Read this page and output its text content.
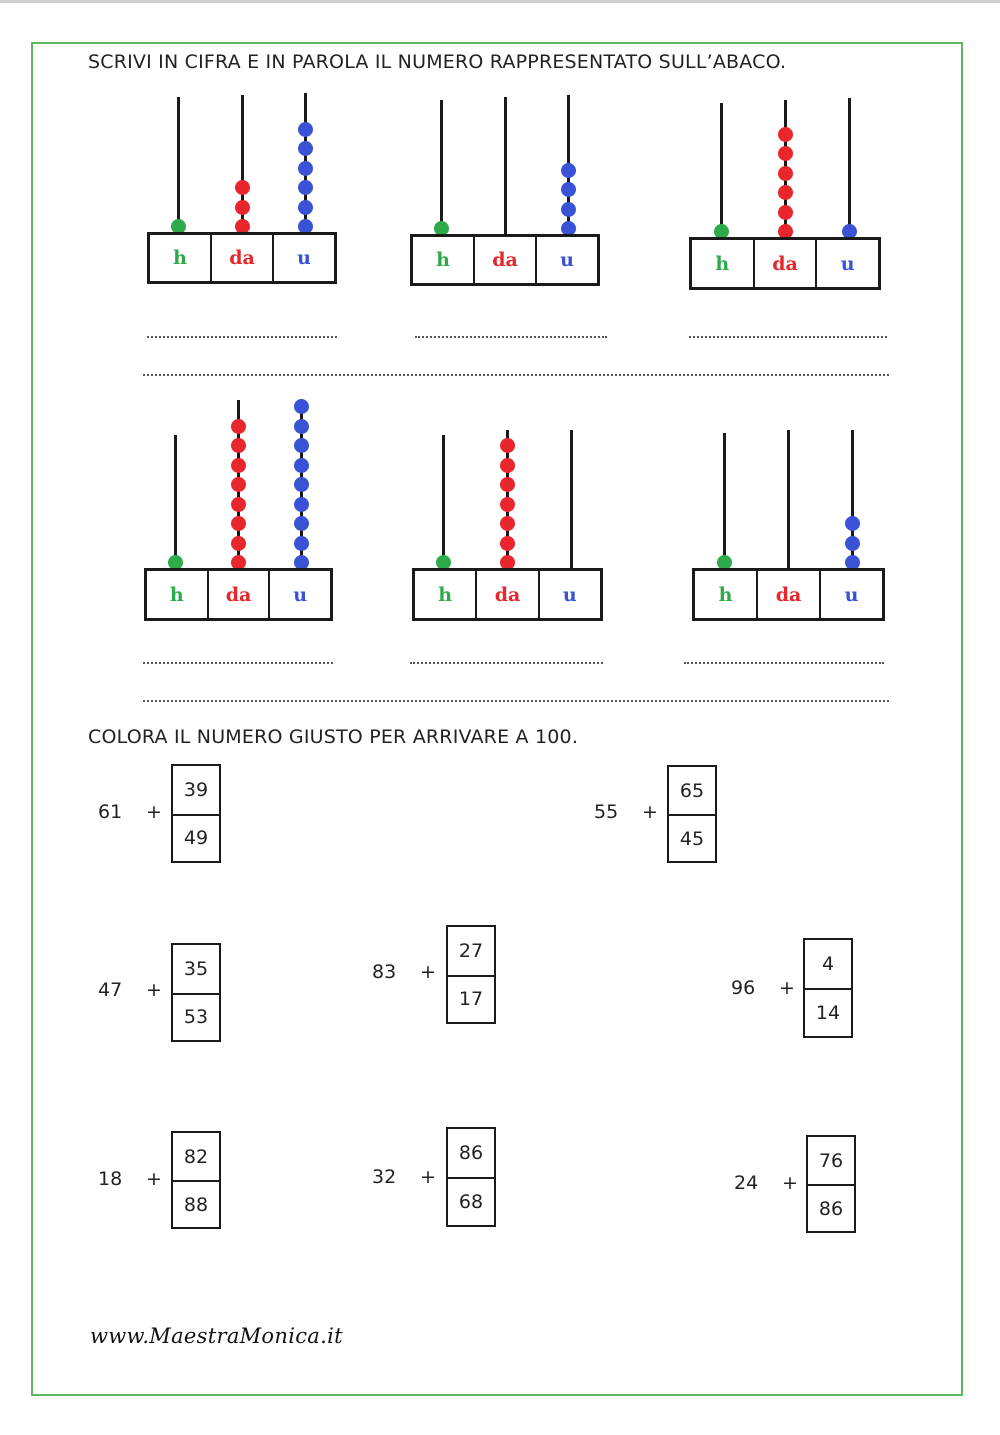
SCRIVI IN CIFRA E IN PAROLA IL NUMERO RAPPRESENTATO SULL’ABACO.
h	da	u	h	da	u	h	da	u
h	da	u	h	da	u	h	da	u
COLORA IL NUMERO GIUSTO PER ARRIVARE A 100.
61 +
39
49
55 +
65
45
47 +
35
53
83 +
27
17
96 +
4
14
18 +
82
88
32 +
86
68
24 +
76
86
www.MaestraMonica.it
